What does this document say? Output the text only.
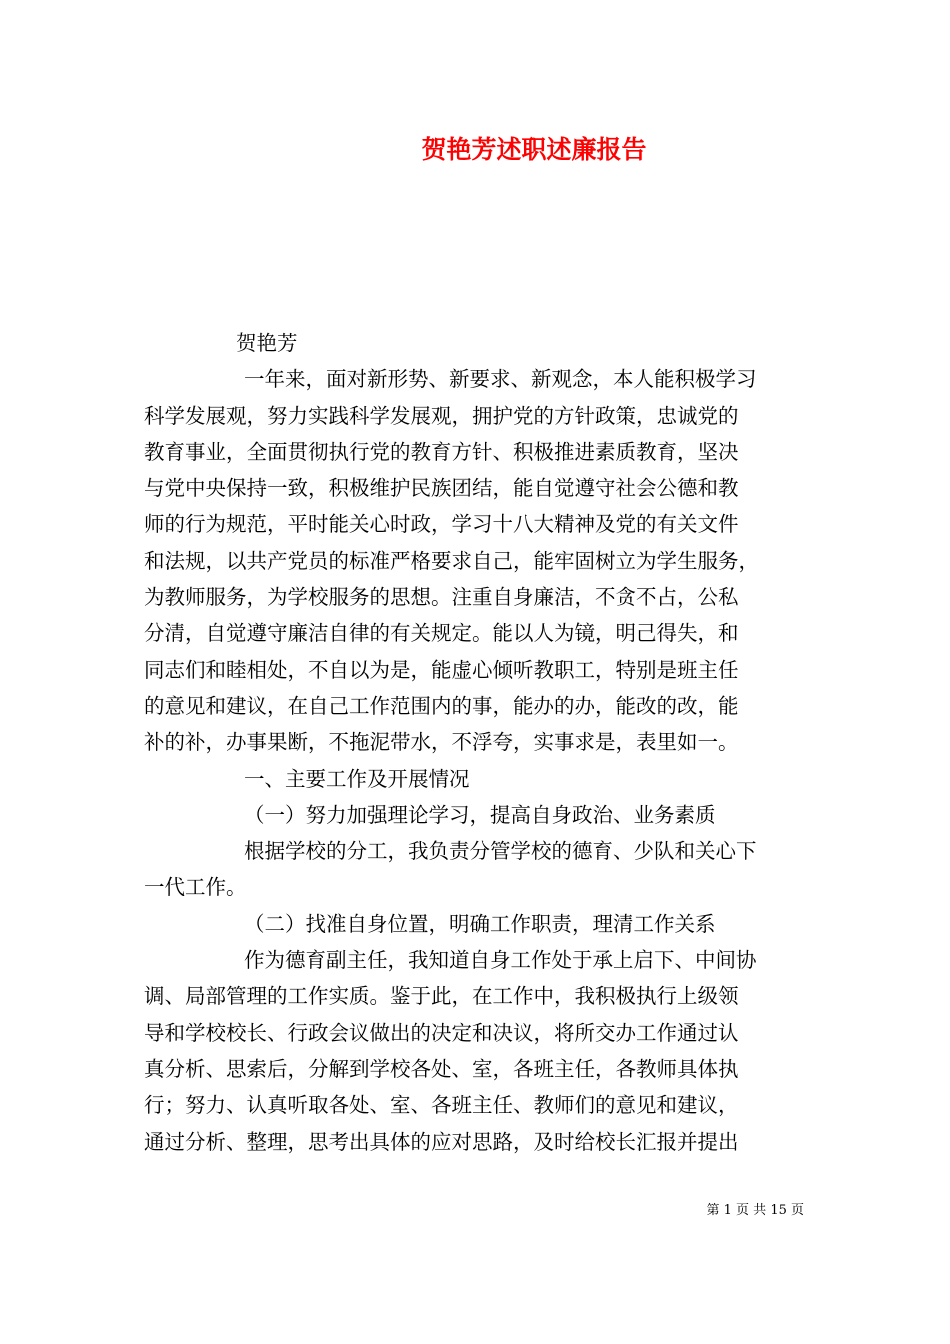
贺艳芳述职述廉报告
贺艳芳
一年来，面对新形势、新要求、新观念，本人能积极学习
科学发展观，努力实践科学发展观，拥护党的方针政策，忠诚党的
教育事业，全面贯彻执行党的教育方针、积极推进素质教育，坚决
与党中央保持一致，积极维护民族团结，能自觉遵守社会公德和教
师的行为规范，平时能关心时政，学习十八大精神及党的有关文件
和法规，以共产党员的标准严格要求自己，能牢固树立为学生服务，
为教师服务，为学校服务的思想。注重自身廉洁，不贪不占，公私
分清，自觉遵守廉洁自律的有关规定。能以人为镜，明己得失，和
同志们和睦相处，不自以为是，能虚心倾听教职工，特别是班主任
的意见和建议，在自己工作范围内的事，能办的办，能改的改，能
补的补，办事果断，不拖泥带水，不浮夸，实事求是，表里如一。
一、主要工作及开展情况
（一）努力加强理论学习，提高自身政治、业务素质
根据学校的分工，我负责分管学校的德育、少队和关心下
一代工作。
（二）找准自身位置，明确工作职责，理清工作关系
作为德育副主任，我知道自身工作处于承上启下、中间协
调、局部管理的工作实质。鉴于此，在工作中，我积极执行上级领
导和学校校长、行政会议做出的决定和决议，将所交办工作通过认
真分析、思索后，分解到学校各处、室，各班主任，各教师具体执
行；努力、认真听取各处、室、各班主任、教师们的意见和建议，
通过分析、整理，思考出具体的应对思路，及时给校长汇报并提出
第 1 页 共 15 页
